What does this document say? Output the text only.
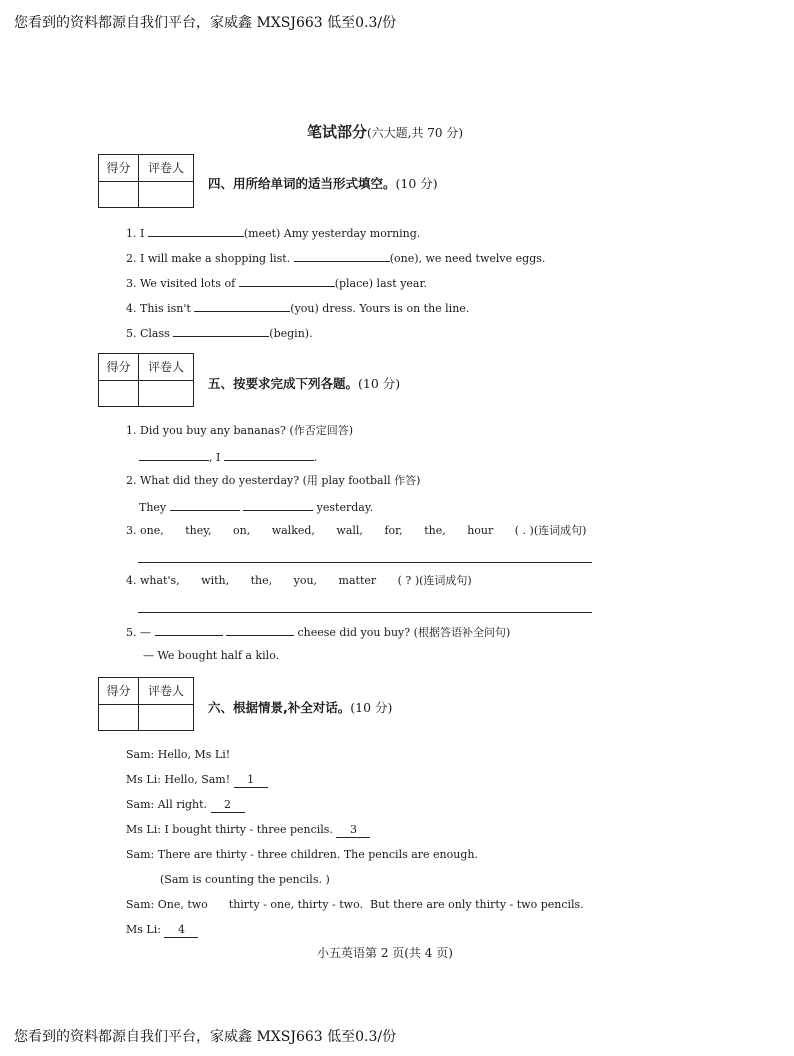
您看到的资料都源自我们平台，家威鑫 MXSJ663 低至0.3/份
笔试部分(六大题,共 70 分)
得分	评卷人
四、用所给单词的适当形式填空。(10 分)
1. I	(meet) Amy yesterday morning.
2. I will make a shopping list.	(one), we need twelve eggs.
3. We visited lots of	(place) last year.
4. This isn't	(you) dress. Yours is on the line.
5. Class	(begin).
得分	评卷人
五、按要求完成下列各题。(10 分)
1. Did you buy any bananas? (作否定回答)
, I	.
2. What did they do yesterday? (用 play football 作答)
They	yesterday.
3. one, they, on, walked, wall, for, the, hour ( . )(连词成句)
4. what's, with, the, you, matter ( ? )(连词成句)
5. —	cheese did you buy? (根据答语补全问句)
— We bought half a kilo.
得分	评卷人
六、根据情景,补全对话。(10 分)
Sam: Hello, Ms Li!
Ms Li: Hello, Sam! 1
Sam: All right. 2
Ms Li: I bought thirty - three pencils. 3
Sam: There are thirty - three children. The pencils are enough.
(Sam is counting the pencils. )
Sam: One, two      thirty - one, thirty - two.  But there are only thirty - two pencils.
Ms Li: 4
小五英语第 2 页(共 4 页)
您看到的资料都源自我们平台，家威鑫 MXSJ663 低至0.3/份
